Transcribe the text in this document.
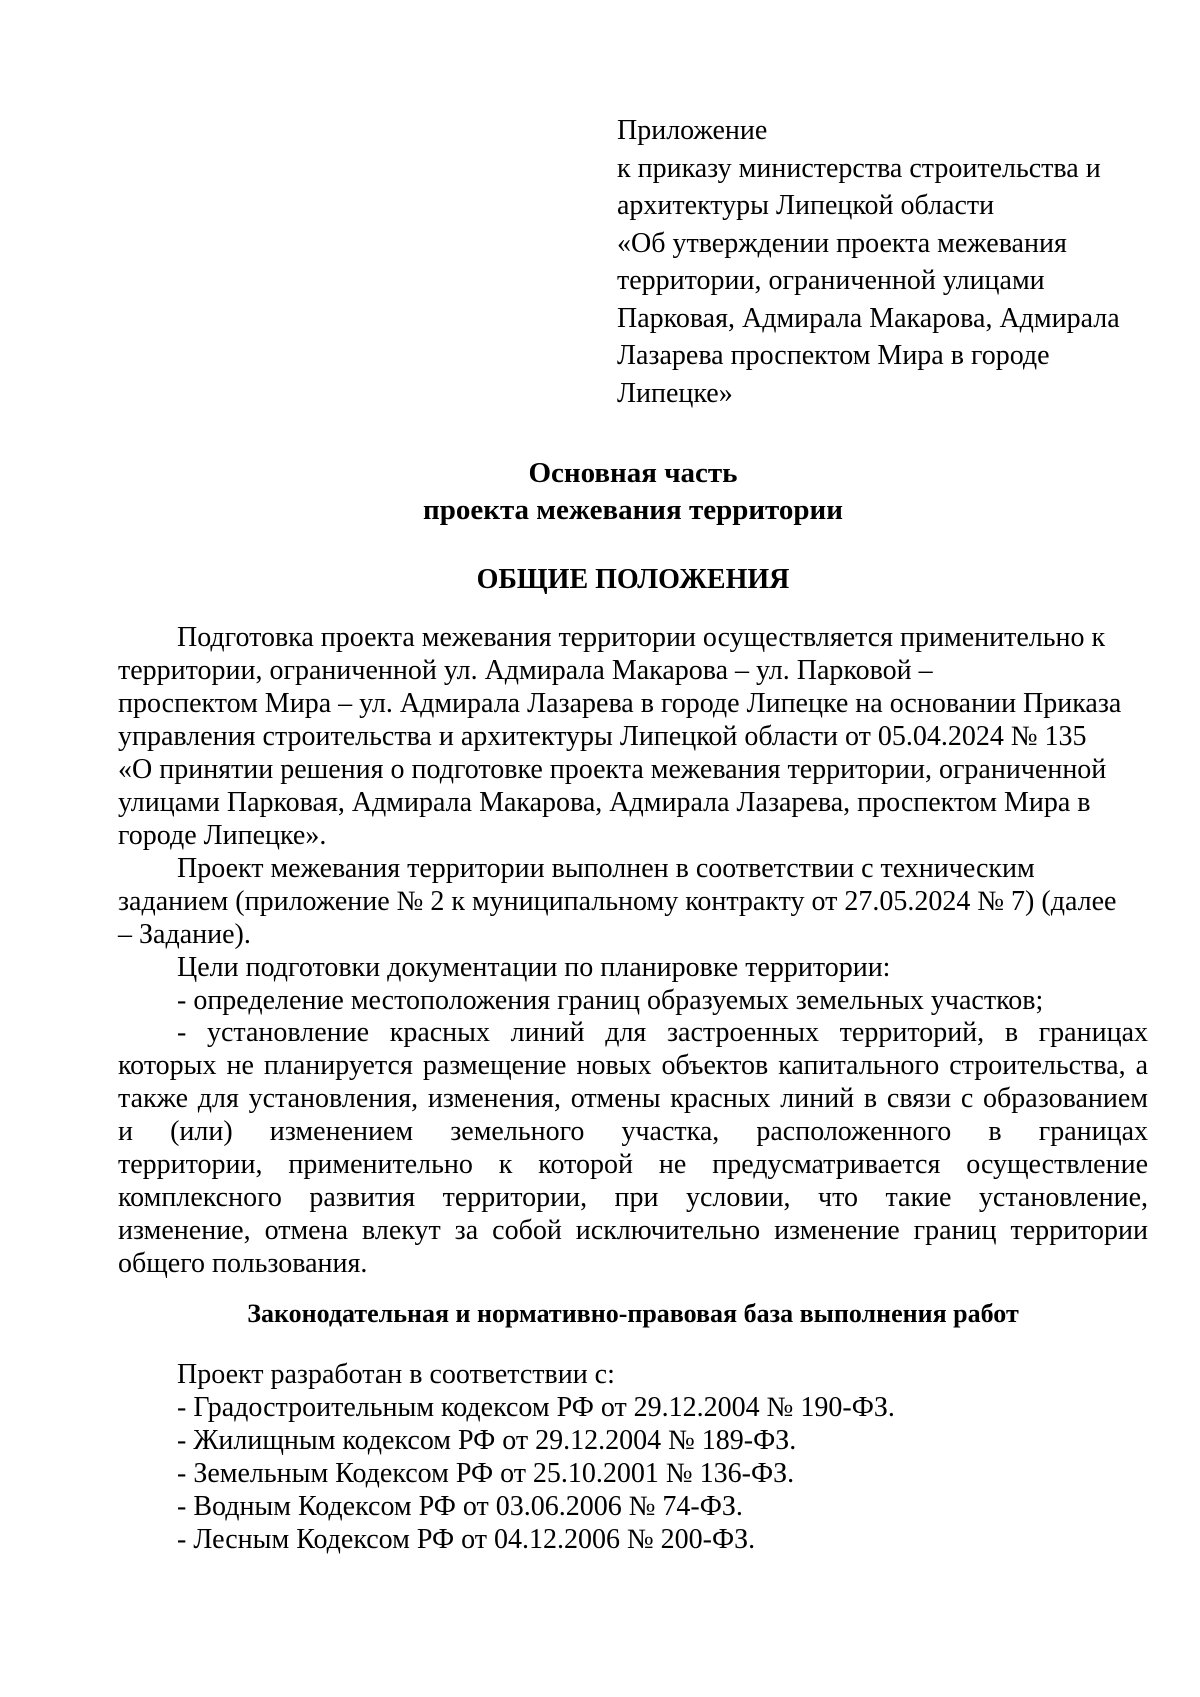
Приложение
к приказу министерства строительства и
архитектуры Липецкой области
«Об утверждении проекта межевания
территории, ограниченной улицами
Парковая, Адмирала Макарова, Адмирала
Лазарева проспектом Мира в городе
Липецке»
Основная часть
проекта межевания территории
ОБЩИЕ ПОЛОЖЕНИЯ
Подготовка проекта межевания территории осуществляется применительно к
территории, ограниченной ул. Адмирала Макарова – ул. Парковой –
проспектом Мира – ул. Адмирала Лазарева в городе Липецке на основании Приказа
управления строительства и архитектуры Липецкой области от 05.04.2024 № 135
«О принятии решения о подготовке проекта межевания территории, ограниченной
улицами Парковая, Адмирала Макарова, Адмирала Лазарева, проспектом Мира в
городе Липецке».
Проект межевания территории выполнен в соответствии с техническим
заданием (приложение № 2 к муниципальному контракту от 27.05.2024 № 7) (далее
– Задание).
Цели подготовки документации по планировке территории:
- определение местоположения границ образуемых земельных участков;
- установление красных линий для застроенных территорий, в границах
которых не планируется размещение новых объектов капитального строительства, а
также для установления, изменения, отмены красных линий в связи с образованием
и (или) изменением земельного участка, расположенного в границах
территории, применительно к которой не предусматривается осуществление
комплексного развития территории, при условии, что такие установление,
изменение, отмена влекут за собой исключительно изменение границ территории
общего пользования.
Законодательная и нормативно-правовая база выполнения работ
Проект разработан в соответствии с:
- Градостроительным кодексом РФ от 29.12.2004 № 190-ФЗ.
- Жилищным кодексом РФ от 29.12.2004 № 189-ФЗ.
- Земельным Кодексом РФ от 25.10.2001 № 136-ФЗ.
- Водным Кодексом РФ от 03.06.2006 № 74-ФЗ.
- Лесным Кодексом РФ от 04.12.2006 № 200-ФЗ.
